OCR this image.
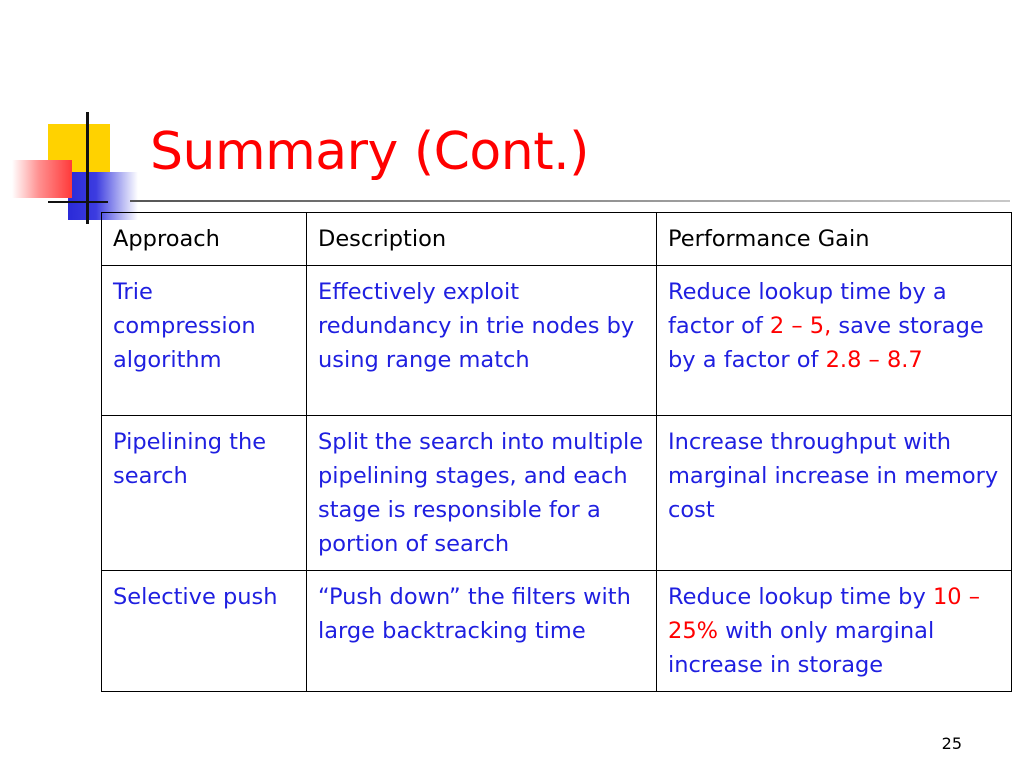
Summary (Cont.)
Approach	Description	Performance Gain
Trie compression algorithm	Effectively exploit redundancy in trie nodes by using range match	Reduce lookup time by a factor of 2 – 5, save storage by a factor of 2.8 – 8.7
Pipelining the search	Split the search into multiple pipelining stages, and each stage is responsible for a portion of search	Increase throughput with marginal increase in memory cost
Selective push	“Push down” the filters with large backtracking time	Reduce lookup time by 10 – 25% with only marginal increase in storage
25
